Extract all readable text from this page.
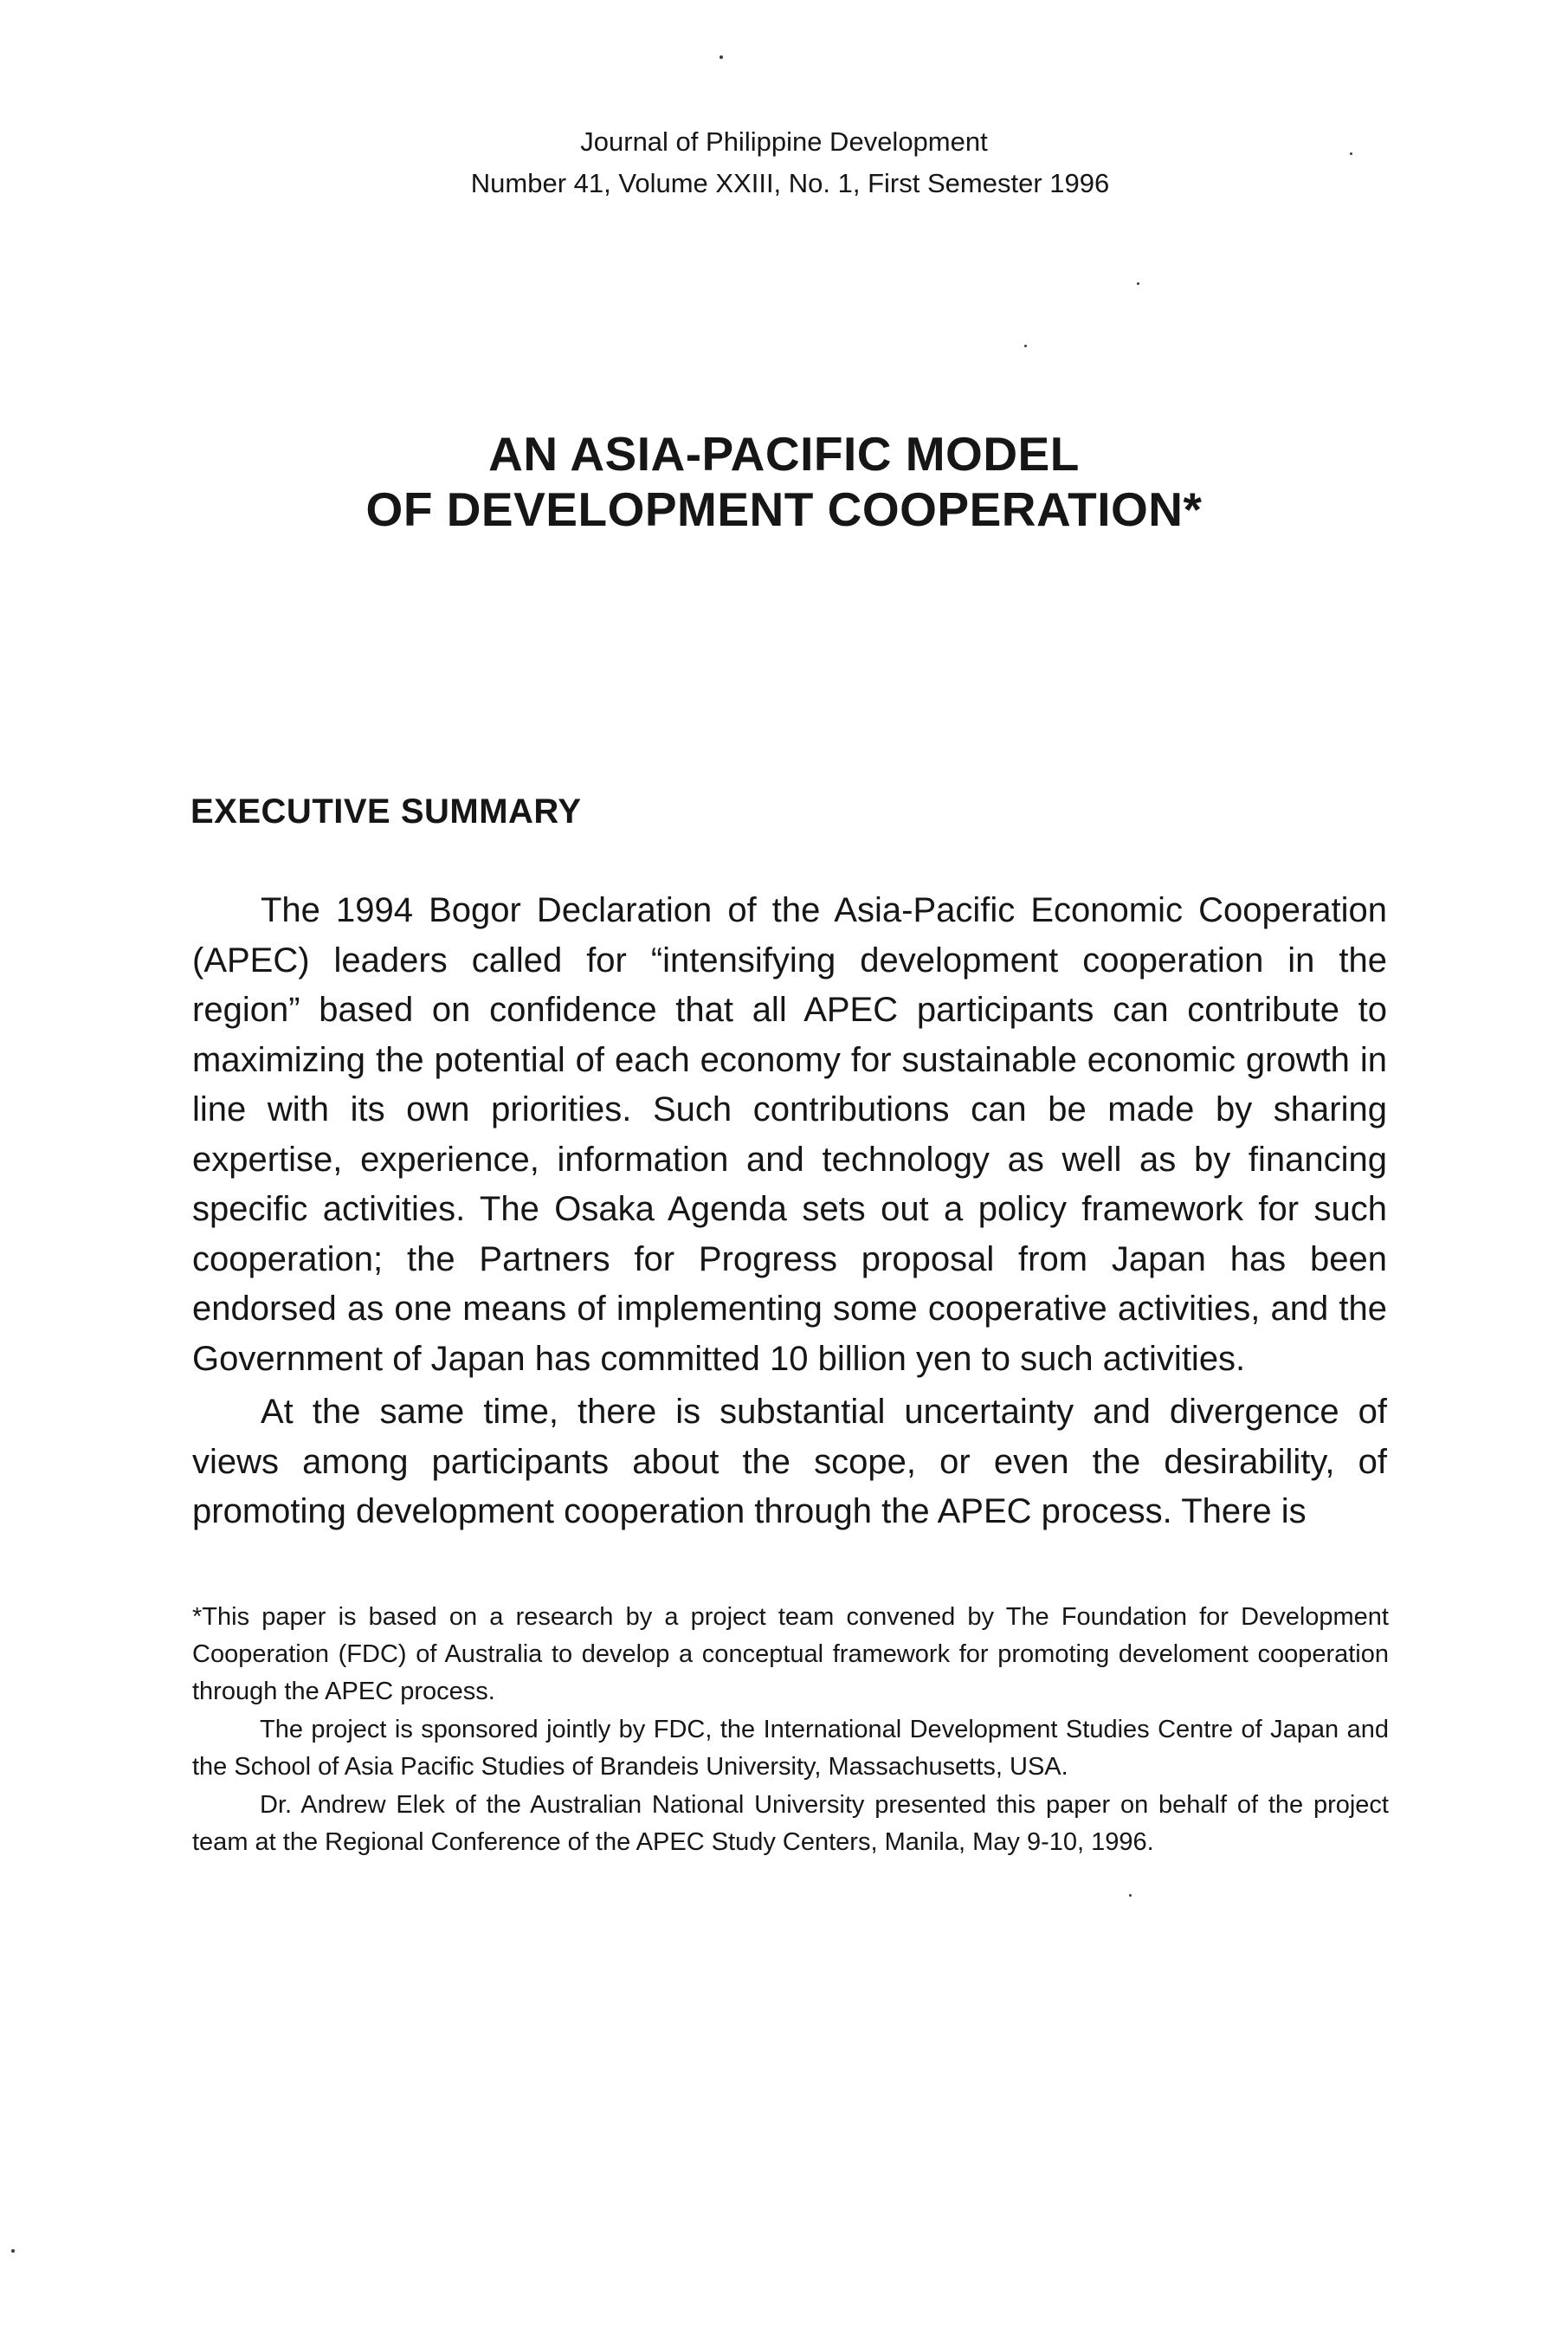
Journal of Philippine Development
Number 41, Volume XXIII, No. 1, First Semester 1996
AN ASIA-PACIFIC MODEL
OF DEVELOPMENT COOPERATION*
EXECUTIVE SUMMARY

The 1994 Bogor Declaration of the Asia-Pacific Economic Cooperation (APEC) leaders called for “intensifying development cooperation in the region” based on confidence that all APEC participants can contribute to maximizing the potential of each economy for sustainable economic growth in line with its own priorities. Such contributions can be made by sharing expertise, experience, information and technology as well as by financing specific activities. The Osaka Agenda sets out a policy framework for such cooperation; the Partners for Progress proposal from Japan has been endorsed as one means of implementing some cooperative activities, and the Government of Japan has committed 10 billion yen to such activities.

At the same time, there is substantial uncertainty and divergence of views among participants about the scope, or even the desirability, of promoting development cooperation through the APEC process. There is

*This paper is based on a research by a project team convened by The Foundation for Development Cooperation (FDC) of Australia to develop a conceptual framework for promoting develoment cooperation through the APEC process.

The project is sponsored jointly by FDC, the International Development Studies Centre of Japan and the School of Asia Pacific Studies of Brandeis University, Massachusetts, USA.

Dr. Andrew Elek of the Australian National University presented this paper on behalf of the project team at the Regional Conference of the APEC Study Centers, Manila, May 9-10, 1996.
